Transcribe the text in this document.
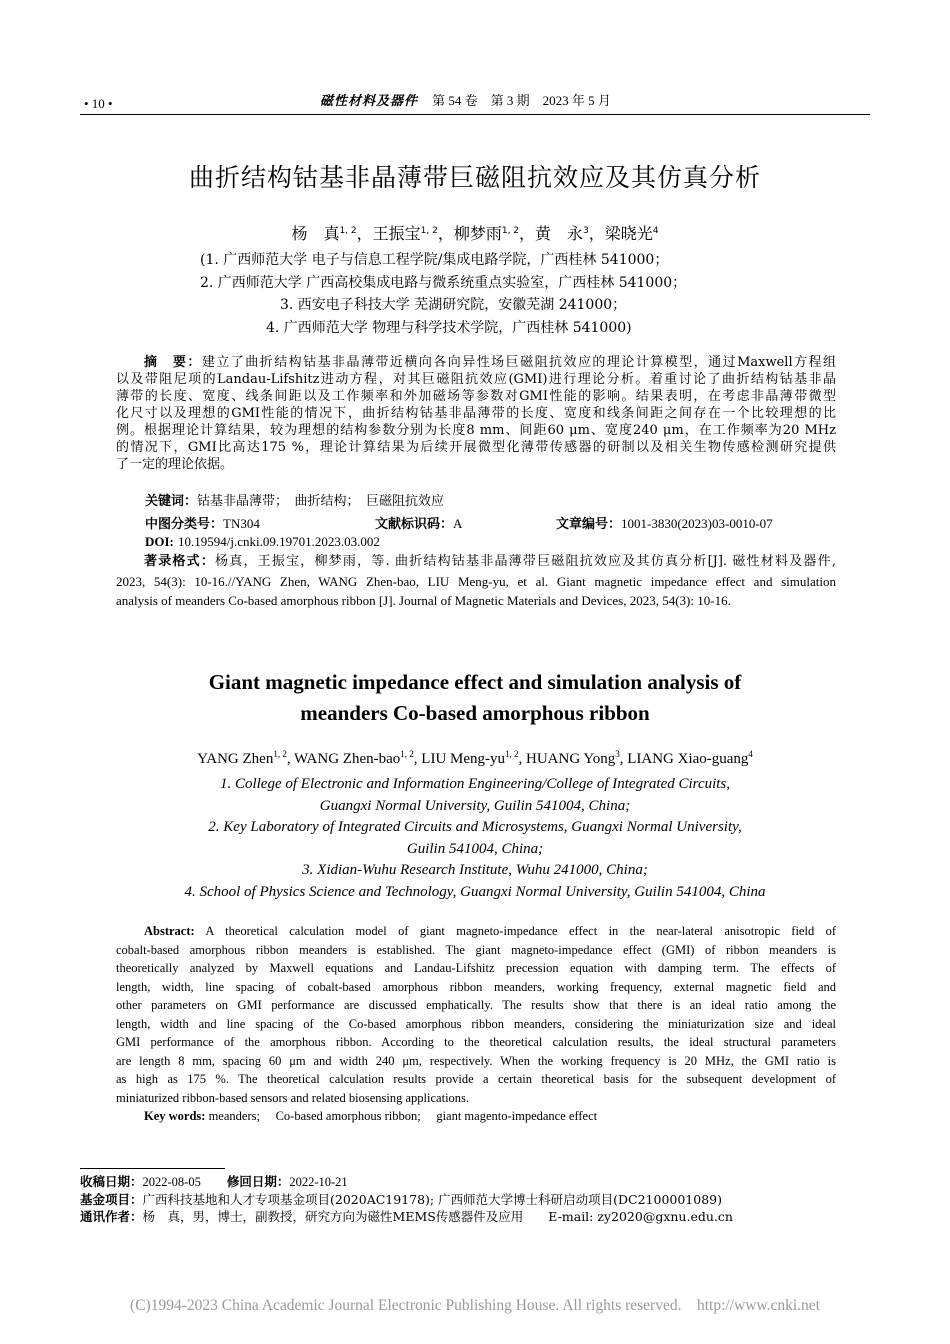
• 10 •	磁性材料及器件 第 54 卷　第 3 期　2023 年 5 月
曲折结构钴基非晶薄带巨磁阻抗效应及其仿真分析
杨　真$^{1, 2}$，王振宝$^{1, 2}$，柳梦雨$^{1, 2}$，黄　永$^3$，梁晓光$^4$
(1. 广西师范大学 电子与信息工程学院/集成电路学院，广西桂林 541000；
2. 广西师范大学 广西高校集成电路与微系统重点实验室，广西桂林 541000；
3. 西安电子科技大学 芜湖研究院，安徽芜湖 241000；
4. 广西师范大学 物理与科学技术学院，广西桂林 541000)
摘　要：建立了曲折结构钴基非晶薄带近横向各向异性场巨磁阻抗效应的理论计算模型，通过Maxwell方程组
以及带阻尼项的Landau-Lifshitz进动方程，对其巨磁阻抗效应(GMI)进行理论分析。着重讨论了曲折结构钴基非晶
薄带的长度、宽度、线条间距以及工作频率和外加磁场等参数对GMI性能的影响。结果表明，在考虑非晶薄带微型
化尺寸以及理想的GMI性能的情况下，曲折结构钴基非晶薄带的长度、宽度和线条间距之间存在一个比较理想的比
例。根据理论计算结果，较为理想的结构参数分别为长度8 mm、间距60 μm、宽度240 μm，在工作频率为20 MHz
的情况下，GMI比高达175 %，理论计算结果为后续开展微型化薄带传感器的研制以及相关生物传感检测研究提供
了一定的理论依据。
关键词：钴基非晶薄带；　曲折结构；　巨磁阻抗效应
中图分类号：TN304	文献标识码：A	文章编号：1001-3830(2023)03-0010-07
DOI: 10.19594/j.cnki.09.19701.2023.03.002
著录格式：杨真，王振宝，柳梦雨，等. 曲折结构钴基非晶薄带巨磁阻抗效应及其仿真分析[J]. 磁性材料及器件,
2023, 54(3): 10-16.//YANG Zhen, WANG Zhen-bao, LIU Meng-yu, et al. Giant magnetic impedance effect and simulation
analysis of meanders Co-based amorphous ribbon [J]. Journal of Magnetic Materials and Devices, 2023, 54(3): 10-16.
Giant magnetic impedance effect and simulation analysis of
meanders Co-based amorphous ribbon
YANG Zhen$^{1, 2}$, WANG Zhen-bao$^{1, 2}$, LIU Meng-yu$^{1, 2}$, HUANG Yong$^3$, LIANG Xiao-guang$^4$
1. College of Electronic and Information Engineering/College of Integrated Circuits,
Guangxi Normal University, Guilin 541004, China;
2. Key Laboratory of Integrated Circuits and Microsystems, Guangxi Normal University,
Guilin 541004, China;
3. Xidian-Wuhu Research Institute, Wuhu 241000, China;
4. School of Physics Science and Technology, Guangxi Normal University, Guilin 541004, China
Abstract: A theoretical calculation model of giant magneto-impedance effect in the near-lateral anisotropic field of
cobalt-based amorphous ribbon meanders is established. The giant magneto-impedance effect (GMI) of ribbon meanders is
theoretically analyzed by Maxwell equations and Landau-Lifshitz precession equation with damping term. The effects of
length, width, line spacing of cobalt-based amorphous ribbon meanders, working frequency, external magnetic field and
other parameters on GMI performance are discussed emphatically. The results show that there is an ideal ratio among the
length, width and line spacing of the Co-based amorphous ribbon meanders, considering the miniaturization size and ideal
GMI performance of the amorphous ribbon. According to the theoretical calculation results, the ideal structural parameters
are length 8 mm, spacing 60 μm and width 240 μm, respectively. When the working frequency is 20 MHz, the GMI ratio is
as high as 175 %. The theoretical calculation results provide a certain theoretical basis for the subsequent development of
miniaturized ribbon-based sensors and related biosensing applications.
Key words: meanders;　 Co-based amorphous ribbon;　 giant magento-impedance effect
收稿日期：2022-08-05 修回日期：2022-10-21
基金项目：广西科技基地和人才专项基金项目(2020AC19178); 广西师范大学博士科研启动项目(DC2100001089)
通讯作者：杨　真，男，博士，副教授，研究方向为磁性MEMS传感器件及应用　　E-mail: zy2020@gxnu.edu.cn
(C)1994-2023 China Academic Journal Electronic Publishing House. All rights reserved.    http://www.cnki.net
